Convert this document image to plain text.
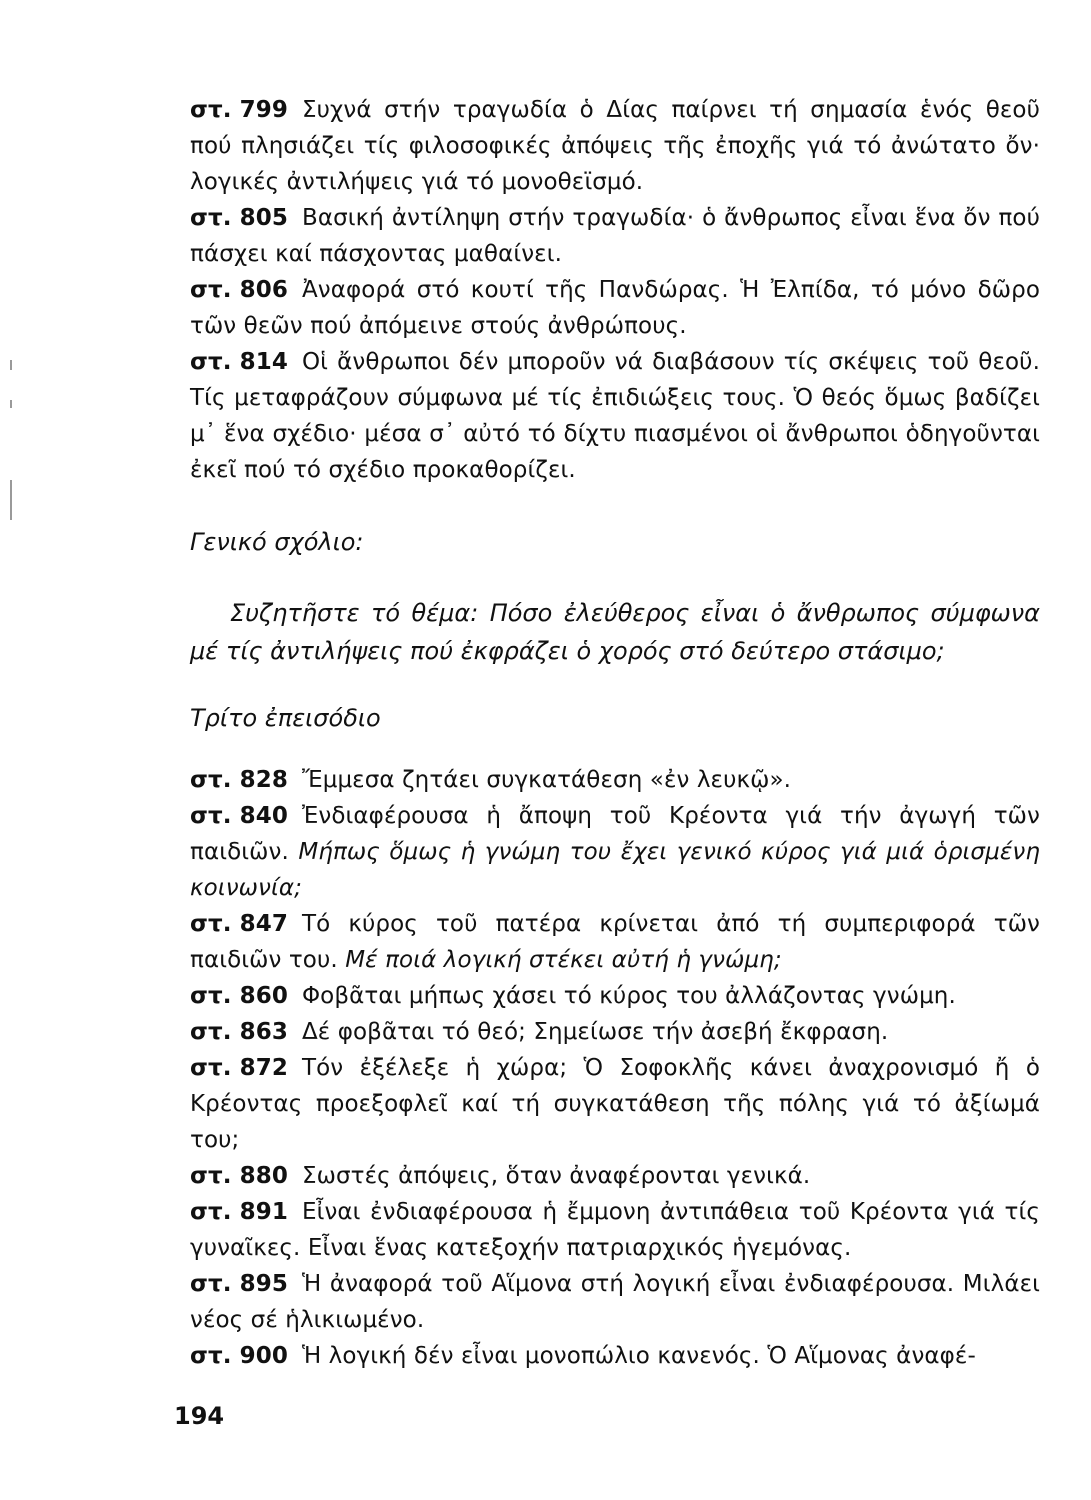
στ. 799 Συχνά στήν τραγωδία ὁ Δίας παίρνει τή σημασία ἑνός θεοῦ πού πλησιάζει τίς φιλοσοφικές ἀπόψεις τῆς ἐποχῆς γιά τό ἀνώτατο ὄν· λογικές ἀντιλήψεις γιά τό μονοθεϊσμό.

στ. 805 Βασική ἀντίληψη στήν τραγωδία· ὁ ἄνθρωπος εἶναι ἕνα ὄν πού πάσχει καί πάσχοντας μαθαίνει.

στ. 806 Ἀναφορά στό κουτί τῆς Πανδώρας. Ἡ Ἐλπίδα, τό μόνο δῶρο τῶν θεῶν πού ἀπόμεινε στούς ἀνθρώπους.

στ. 814 Οἱ ἄνθρωποι δέν μποροῦν νά διαβάσουν τίς σκέψεις τοῦ θεοῦ. Τίς μεταφράζουν σύμφωνα μέ τίς ἐπιδιώξεις τους. Ὁ θεός ὅμως βαδίζει μ᾽ ἕνα σχέδιο· μέσα σ᾽ αὐτό τό δίχτυ πιασμένοι οἱ ἄνθρωποι ὁδηγοῦνται ἐκεῖ πού τό σχέδιο προκαθορίζει.

Γενικό σχόλιο:
Συζητῆστε τό θέμα: Πόσο ἐλεύθερος εἶναι ὁ ἄνθρωπος σύμφωνα μέ τίς ἀντιλήψεις πού ἐκφράζει ὁ χορός στό δεύτερο στάσιμο;
Τρίτο ἐπεισόδιο

στ. 828 Ἔμμεσα ζητάει συγκατάθεση «ἐν λευκῷ».

στ. 840 Ἐνδιαφέρουσα ἡ ἄποψη τοῦ Κρέοντα γιά τήν ἀγωγή τῶν παιδιῶν. Μήπως ὅμως ἡ γνώμη του ἔχει γενικό κύρος γιά μιά ὁρισμένη κοινωνία;

στ. 847 Τό κύρος τοῦ πατέρα κρίνεται ἀπό τή συμπεριφορά τῶν παιδιῶν του. Μέ ποιά λογική στέκει αὐτή ἡ γνώμη;

στ. 860 Φοβᾶται μήπως χάσει τό κύρος του ἀλλάζοντας γνώμη.

στ. 863 Δέ φοβᾶται τό θεό; Σημείωσε τήν ἀσεβή ἔκφραση.

στ. 872 Τόν ἐξέλεξε ἡ χώρα; Ὁ Σοφοκλῆς κάνει ἀναχρονισμό ἤ ὁ Κρέοντας προεξοφλεῖ καί τή συγκατάθεση τῆς πόλης γιά τό ἀξίωμά του;

στ. 880 Σωστές ἀπόψεις, ὅταν ἀναφέρονται γενικά.

στ. 891 Εἶναι ἐνδιαφέρουσα ἡ ἔμμονη ἀντιπάθεια τοῦ Κρέοντα γιά τίς γυναῖκες. Εἶναι ἕνας κατεξοχήν πατριαρχικός ἡγεμόνας.

στ. 895 Ἡ ἀναφορά τοῦ Αἵμονα στή λογική εἶναι ἐνδιαφέρουσα. Μιλάει νέος σέ ἡλικιωμένο.

στ. 900 Ἡ λογική δέν εἶναι μονοπώλιο κανενός. Ὁ Αἵμονας ἀναφέ-

194
